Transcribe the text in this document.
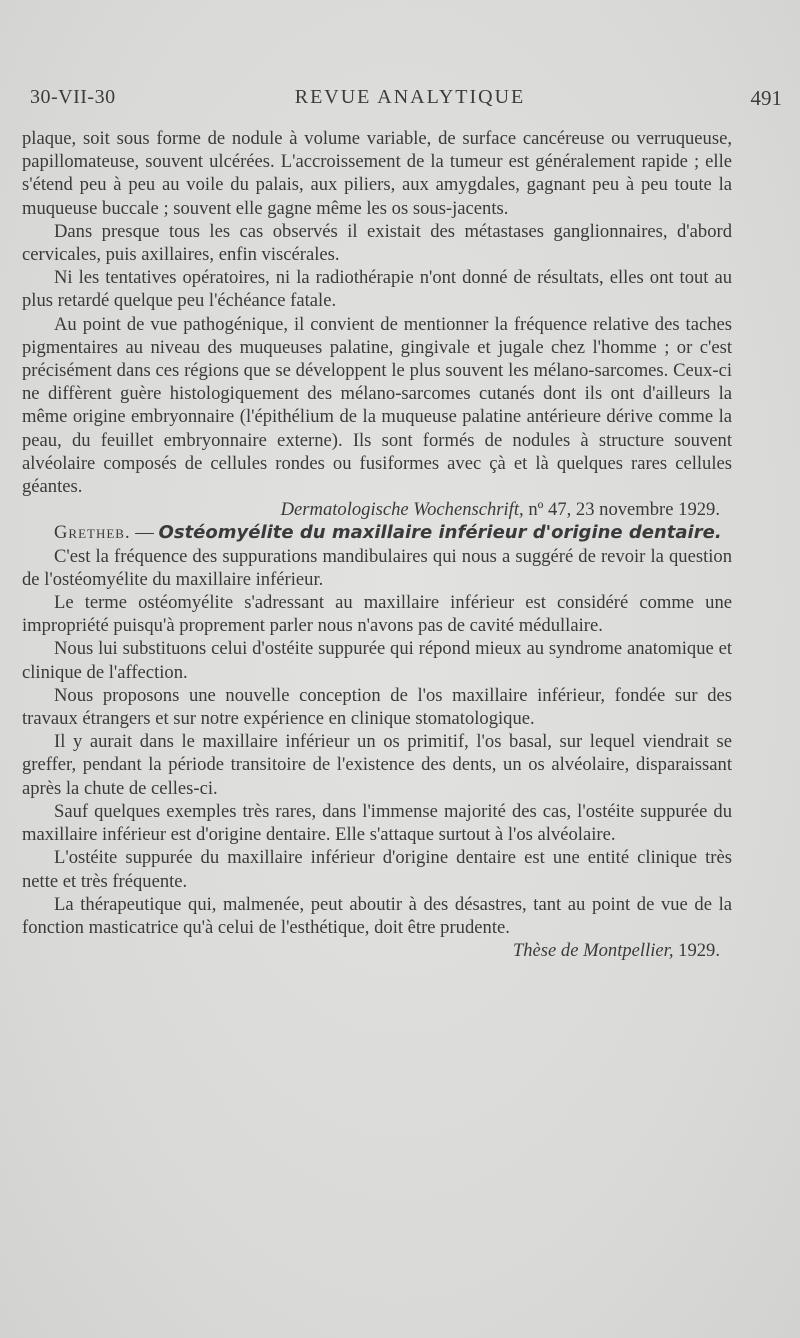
30-VII-30	REVUE ANALYTIQUE	491

plaque, soit sous forme de nodule à volume variable, de surface cancéreuse ou verruqueuse, papillomateuse, souvent ulcérées. L'accroissement de la tumeur est généralement rapide ; elle s'étend peu à peu au voile du palais, aux piliers, aux amygdales, gagnant peu à peu toute la muqueuse buccale ; souvent elle gagne même les os sous-jacents.

Dans presque tous les cas observés il existait des métastases ganglionnaires, d'abord cervicales, puis axillaires, enfin viscérales.

Ni les tentatives opératoires, ni la radiothérapie n'ont donné de résultats, elles ont tout au plus retardé quelque peu l'échéance fatale.

Au point de vue pathogénique, il convient de mentionner la fréquence relative des taches pigmentaires au niveau des muqueuses palatine, gingivale et jugale chez l'homme ; or c'est précisément dans ces régions que se développent le plus souvent les mélano-sarcomes. Ceux-ci ne diffèrent guère histologiquement des mélano-sarcomes cutanés dont ils ont d'ailleurs la même origine embryonnaire (l'épithélium de la muqueuse palatine antérieure dérive comme la peau, du feuillet embryonnaire externe). Ils sont formés de nodules à structure souvent alvéolaire composés de cellules rondes ou fusiformes avec çà et là quelques rares cellules géantes.

Dermatologische Wochenschrift, nº 47, 23 novembre 1929.

Gretheb. — Ostéomyélite du maxillaire inférieur d'origine dentaire.

C'est la fréquence des suppurations mandibulaires qui nous a suggéré de revoir la question de l'ostéomyélite du maxillaire inférieur.

Le terme ostéomyélite s'adressant au maxillaire inférieur est considéré comme une impropriété puisqu'à proprement parler nous n'avons pas de cavité médullaire.

Nous lui substituons celui d'ostéite suppurée qui répond mieux au syndrome anatomique et clinique de l'affection.

Nous proposons une nouvelle conception de l'os maxillaire inférieur, fondée sur des travaux étrangers et sur notre expérience en clinique stomatologique.

Il y aurait dans le maxillaire inférieur un os primitif, l'os basal, sur lequel viendrait se greffer, pendant la période transitoire de l'existence des dents, un os alvéolaire, disparaissant après la chute de celles-ci.

Sauf quelques exemples très rares, dans l'immense majorité des cas, l'ostéite suppurée du maxillaire inférieur est d'origine dentaire. Elle s'attaque surtout à l'os alvéolaire.

L'ostéite suppurée du maxillaire inférieur d'origine dentaire est une entité clinique très nette et très fréquente.

La thérapeutique qui, malmenée, peut aboutir à des désastres, tant au point de vue de la fonction masticatrice qu'à celui de l'esthétique, doit être prudente.

Thèse de Montpellier, 1929.
